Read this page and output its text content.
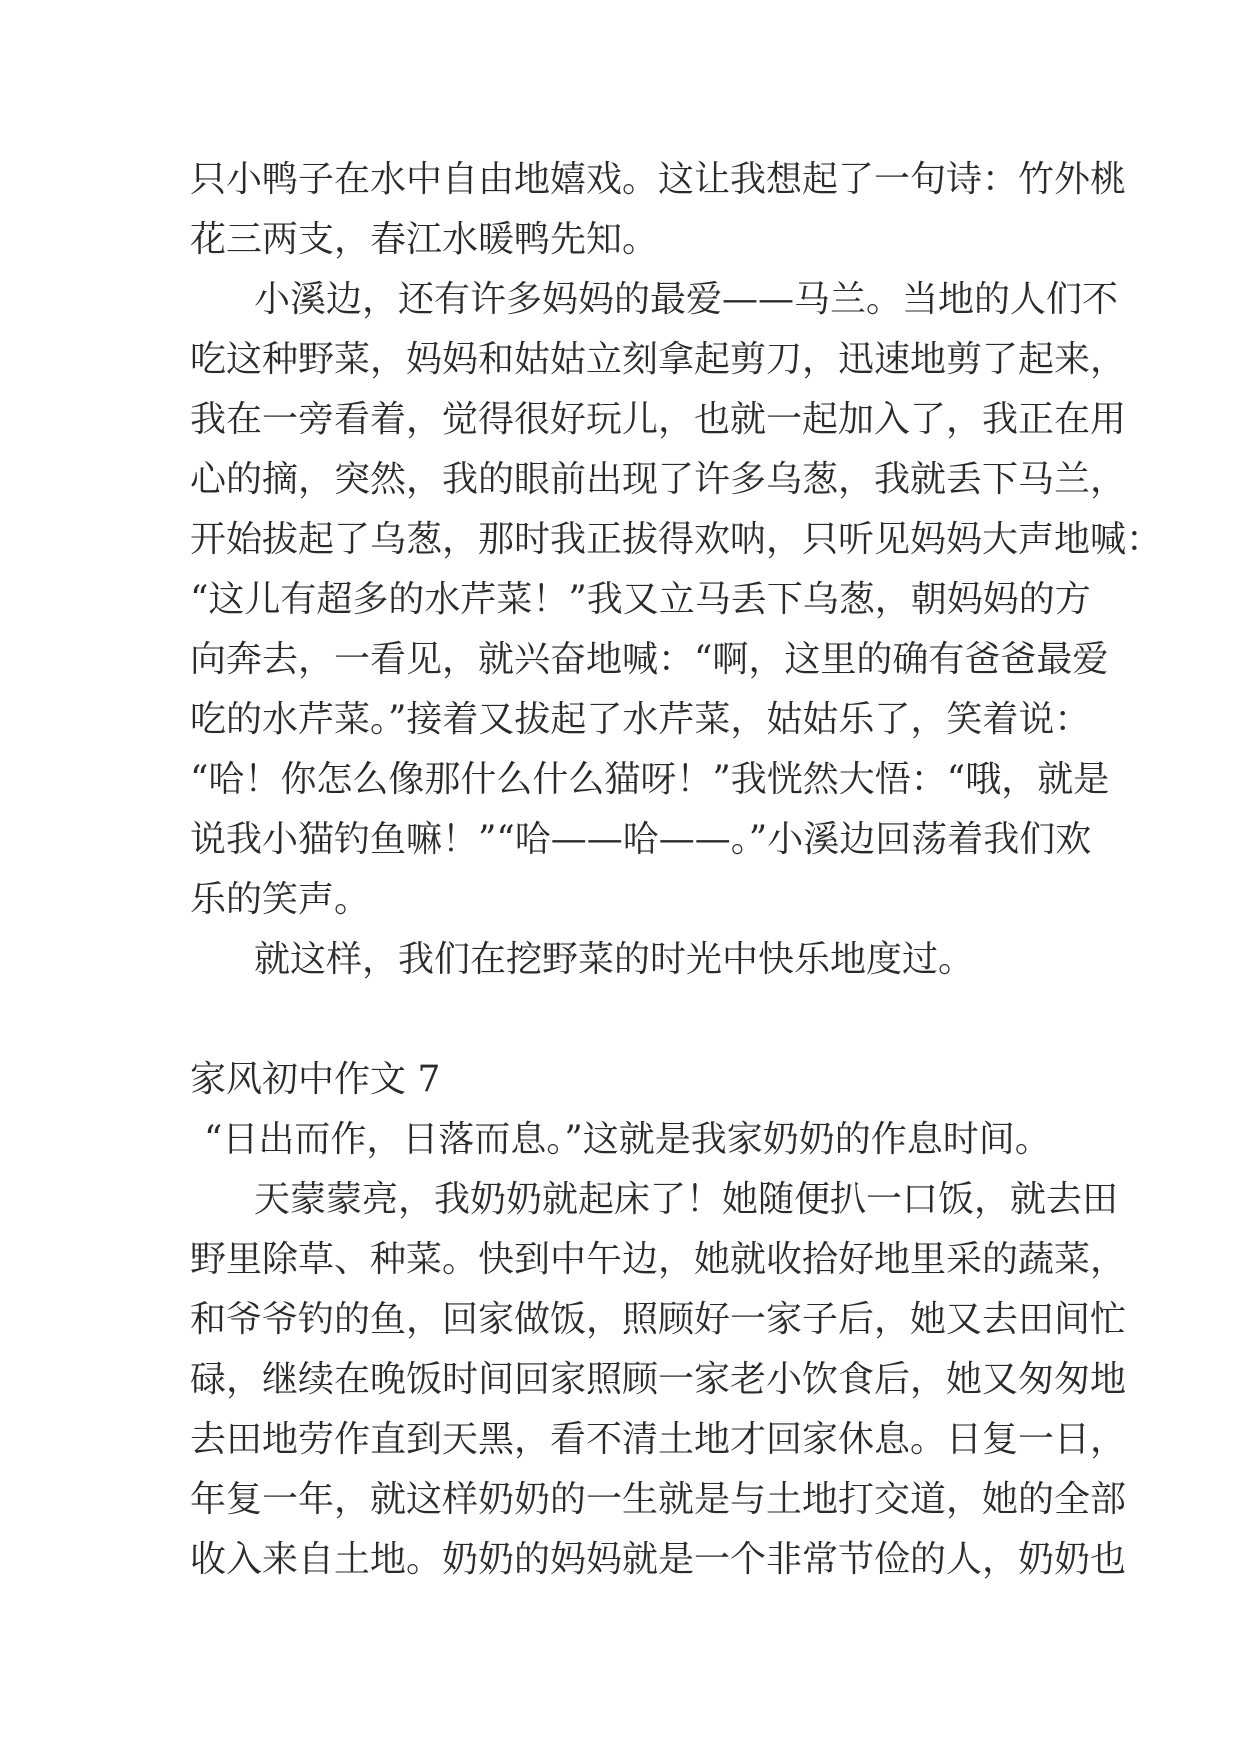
只小鸭子在水中自由地嬉戏。这让我想起了一句诗：竹外桃
花三两支，春江水暖鸭先知。
小溪边，还有许多妈妈的最爱——马兰。当地的人们不
吃这种野菜，妈妈和姑姑立刻拿起剪刀，迅速地剪了起来，
我在一旁看着，觉得很好玩儿，也就一起加入了，我正在用
心的摘，突然，我的眼前出现了许多乌葱，我就丢下马兰，
开始拔起了乌葱，那时我正拔得欢呐，只听见妈妈大声地喊：
“这儿有超多的水芹菜！”我又立马丢下乌葱，朝妈妈的方
向奔去，一看见，就兴奋地喊：“啊，这里的确有爸爸最爱
吃的水芹菜。”接着又拔起了水芹菜，姑姑乐了，笑着说：
“哈！你怎么像那什么什么猫呀！”我恍然大悟：“哦，就是
说我小猫钓鱼嘛！”“哈——哈——。”小溪边回荡着我们欢
乐的笑声。
就这样，我们在挖野菜的时光中快乐地度过。
家风初中作文 7
“日出而作，日落而息。”这就是我家奶奶的作息时间。
天蒙蒙亮，我奶奶就起床了！她随便扒一口饭，就去田
野里除草、种菜。快到中午边，她就收拾好地里采的蔬菜，
和爷爷钓的鱼，回家做饭，照顾好一家子后，她又去田间忙
碌，继续在晚饭时间回家照顾一家老小饮食后，她又匆匆地
去田地劳作直到天黑，看不清土地才回家休息。日复一日，
年复一年，就这样奶奶的一生就是与土地打交道，她的全部
收入来自土地。奶奶的妈妈就是一个非常节俭的人，奶奶也
